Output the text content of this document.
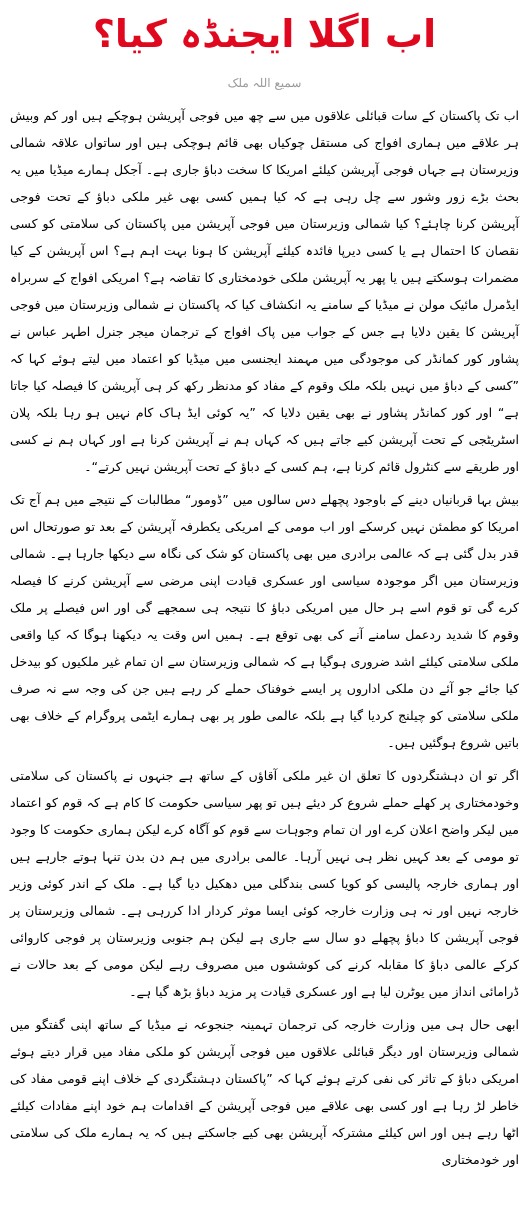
اب اگلا ایجنڈہ کیا؟
سمیع اللہ ملک

اب تک پاکستان کے سات قبائلی علاقوں میں سے چھ میں فوجی آپریشن ہوچکے ہیں اور کم وبیش ہر علاقے میں ہماری افواج کی مستقل چوکیاں بھی قائم ہوچکی ہیں اور ساتواں علاقہ شمالی وزیرستان ہے جہاں فوجی آپریشن کیلئے امریکا کا سخت دباؤ جاری ہے۔ آجکل ہمارے میڈیا میں یہ بحث بڑے زور وشور سے چل رہی ہے کہ کیا ہمیں کسی بھی غیر ملکی دباؤ کے تحت فوجی آپریشن کرنا چاہئے؟ کیا شمالی وزیرستان میں فوجی آپریشن میں پاکستان کی سلامتی کو کسی نقصان کا احتمال ہے یا کسی دیرپا فائدہ کیلئے آپریشن کا ہونا بہت اہم ہے؟ اس آپریشن کے کیا مضمرات ہوسکتے ہیں یا پھر یہ آپریشن ملکی خودمختاری کا تقاضہ ہے؟ امریکی افواج کے سربراہ ایڈمرل مائیک مولن نے میڈیا کے سامنے یہ انکشاف کیا کہ پاکستان نے شمالی وزیرستان میں فوجی آپریشن کا یقین دلایا ہے جس کے جواب میں پاک افواج کے ترجمان میجر جنرل اطہر عباس نے پشاور کور کمانڈر کی موجودگی میں مہمند ایجنسی میں میڈیا کو اعتماد میں لیتے ہوئے کہا کہ ”کسی کے دباؤ میں نہیں بلکہ ملک وقوم کے مفاد کو مدنظر رکھ کر ہی آپریشن کا فیصلہ کیا جاتا ہے“ اور کور کمانڈر پشاور نے بھی یقین دلایا کہ ”یہ کوئی ایڈ ہاک کام نہیں ہو رہا بلکہ پلان اسٹریٹجی کے تحت آپریشن کیے جاتے ہیں کہ کہاں ہم نے آپریشن کرنا ہے اور کہاں ہم نے کسی اور طریقے سے کنٹرول قائم کرنا ہے، ہم کسی کے دباؤ کے تحت آپریشن نہیں کرتے“۔

بیش بہا قربانیاں دینے کے باوجود پچھلے دس سالوں میں ”ڈومور“ مطالبات کے نتیجے میں ہم آج تک امریکا کو مطمئن نہیں کرسکے اور اب مومی کے امریکی یکطرفہ آپریشن کے بعد تو صورتحال اس قدر بدل گئی ہے کہ عالمی برادری میں بھی پاکستان کو شک کی نگاہ سے دیکھا جارہا ہے۔ شمالی وزیرستان میں اگر موجودہ سیاسی اور عسکری قیادت اپنی مرضی سے آپریشن کرنے کا فیصلہ کرے گی تو قوم اسے ہر حال میں امریکی دباؤ کا نتیجہ ہی سمجھے گی اور اس فیصلے پر ملک وقوم کا شدید ردعمل سامنے آنے کی بھی توقع ہے۔ ہمیں اس وقت یہ دیکھنا ہوگا کہ کیا واقعی ملکی سلامتی کیلئے اشد ضروری ہوگیا ہے کہ شمالی وزیرستان سے ان تمام غیر ملکیوں کو بیدخل کیا جائے جو آئے دن ملکی اداروں پر ایسے خوفناک حملے کر رہے ہیں جن کی وجہ سے نہ صرف ملکی سلامتی کو چیلنج کردیا گیا ہے بلکہ عالمی طور پر بھی ہمارے ایٹمی پروگرام کے خلاف بھی باتیں شروع ہوگئیں ہیں۔

اگر تو ان دہشتگردوں کا تعلق ان غیر ملکی آقاؤں کے ساتھ ہے جنہوں نے پاکستان کی سلامتی وخودمختاری پر کھلے حملے شروع کر دیئے ہیں تو پھر سیاسی حکومت کا کام ہے کہ قوم کو اعتماد میں لیکر واضح اعلان کرے اور ان تمام وجوہات سے قوم کو آگاہ کرے لیکن ہماری حکومت کا وجود تو مومی کے بعد کہیں نظر ہی نہیں آرہا۔ عالمی برادری میں ہم دن بدن تنہا ہوتے جارہے ہیں اور ہماری خارجہ پالیسی کو کویا کسی بندگلی میں دھکیل دیا گیا ہے۔ ملک کے اندر کوئی وزیر خارجہ نہیں اور نہ ہی وزارت خارجہ کوئی ایسا موثر کردار ادا کررہی ہے۔ شمالی وزیرستان پر فوجی آپریشن کا دباؤ پچھلے دو سال سے جاری ہے لیکن ہم جنوبی وزیرستان پر فوجی کاروائی کرکے عالمی دباؤ کا مقابلہ کرنے کی کوششوں میں مصروف رہے لیکن مومی کے بعد حالات نے ڈرامائی انداز میں یوٹرن لیا ہے اور عسکری قیادت پر مزید دباؤ بڑھ گیا ہے۔

ابھی حال ہی میں وزارت خارجہ کی ترجمان تہمینہ جنجوعہ نے میڈیا کے ساتھ اپنی گفتگو میں شمالی وزیرستان اور دیگر قبائلی علاقوں میں فوجی آپریشن کو ملکی مفاد میں قرار دیتے ہوئے امریکی دباؤ کے تاثر کی نفی کرتے ہوئے کہا کہ ”پاکستان دہشتگردی کے خلاف اپنے قومی مفاد کی خاطر لڑ رہا ہے اور کسی بھی علاقے میں فوجی آپریشن کے اقدامات ہم خود اپنے مفادات کیلئے اٹھا رہے ہیں اور اس کیلئے مشترکہ آپریشن بھی کیے جاسکتے ہیں کہ یہ ہمارے ملک کی سلامتی اور خودمختاری
